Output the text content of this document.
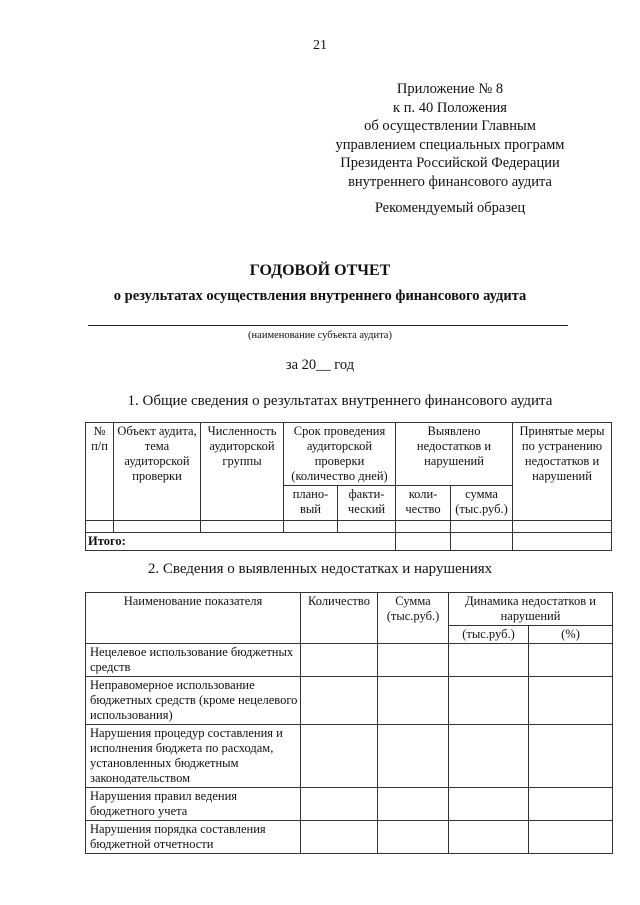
21
Приложение № 8
к п. 40 Положения
об осуществлении Главным
управлением специальных программ
Президента Российской Федерации
внутреннего финансового аудита
Рекомендуемый образец
ГОДОВОЙ ОТЧЕТ
о результатах осуществления внутреннего финансового аудита
(наименование субъекта аудита)
за 20__ год
1. Общие сведения о результатах внутреннего финансового аудита
№ п/п	Объект аудита, тема аудиторской проверки	Численность аудиторской группы	Срок проведения аудиторской проверки (количество дней)		Выявлено недостатков и нарушений		Принятые меры по устранению недостатков и нарушений
			плано-вый	факти-ческий	коли-чество	сумма (тыс.руб.)	

Итого:							
2. Сведения о выявленных недостатках и нарушениях
Наименование показателя	Количество	Сумма (тыс.руб.)	Динамика недостатков и нарушений	
			(тыс.руб.)	(%)
Нецелевое использование бюджетных средств				
Неправомерное использование бюджетных средств (кроме нецелевого использования)				
Нарушения процедур составления и исполнения бюджета по расходам, установленных бюджетным законодательством				
Нарушения правил ведения бюджетного учета				
Нарушения порядка составления бюджетной отчетности				
